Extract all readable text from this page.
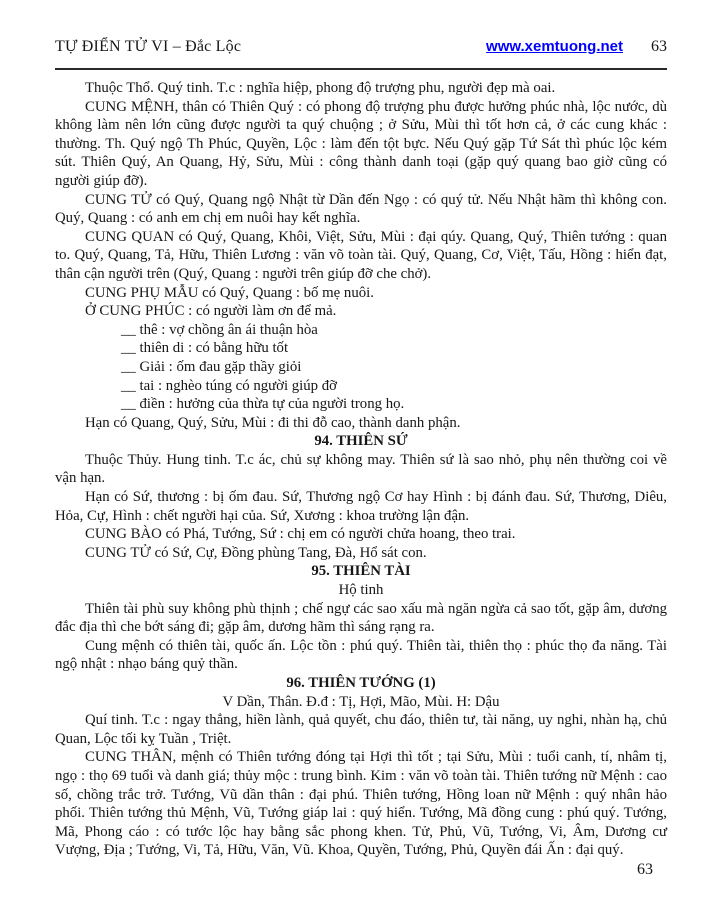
TỰ ĐIỂN TỬ VI – Đắc Lộc	www.xemtuong.net 63
Thuộc Thổ. Quý tinh. T.c : nghĩa hiệp, phong độ trượng phu, người đẹp mà oai.
CUNG MỆNH, thân có Thiên Quý : có phong độ trượng phu được hưởng phúc nhà, lộc nước, dù không làm nên lớn cũng được người ta quý chuộng ; ở Sửu, Mùi thì tốt hơn cả, ở các cung khác : thường. Th. Quý ngộ Th Phúc, Quyền, Lộc : làm đến tột bực. Nếu Quý gặp Tứ Sát thì phúc lộc kém sút. Thiên Quý, An Quang, Hỷ, Sửu, Mùi : công thành danh toại (gặp quý quang bao giờ cũng có người giúp đỡ).
CUNG TỬ có Quý, Quang ngộ Nhật từ Dần đến Ngọ : có quý tử. Nếu Nhật hãm thì không con. Quý, Quang : có anh em chị em nuôi hay kết nghĩa.
CUNG QUAN có Quý, Quang, Khôi, Việt, Sửu, Mùi : đại qúy. Quang, Quý, Thiên tướng : quan to. Quý, Quang, Tả, Hữu, Thiên Lương : văn võ toàn tài. Quý, Quang, Cơ, Việt, Tấu, Hồng : hiển đạt, thân cận người trên (Quý, Quang : người trên giúp đỡ che chở).
CUNG PHỤ MẪU có Quý, Quang : bố mẹ nuôi.
Ở CUNG PHÚC : có người làm ơn để mả.
__ thê : vợ chồng ân ái thuận hòa
__ thiên di : có bằng hữu tốt
__ Giải : ốm đau gặp thầy giỏi
__ tai : nghèo túng có người giúp đỡ
__ điền : hưởng của thừa tự của người trong họ.
Hạn có Quang, Quý, Sửu, Mùi : đi thi đỗ cao, thành danh phận.
94. THIÊN SỨ
Thuộc Thủy. Hung tinh. T.c ác, chủ sự không may. Thiên sứ là sao nhỏ, phụ nên thường coi về vận hạn.
Hạn có Sứ, thương : bị ốm đau. Sứ, Thương ngộ Cơ hay Hình : bị đánh đau. Sứ, Thương, Diêu, Hỏa, Cự, Hình : chết người hại của. Sứ, Xương : khoa trường lận đận.
CUNG BÀO có Phá, Tướng, Sứ : chị em có người chửa hoang, theo trai.
CUNG TỬ có Sứ, Cự, Đồng phùng Tang, Đà, Hổ sát con.
95. THIÊN TÀI
Hộ tinh
Thiên tài phù suy không phù thịnh ; chế ngự các sao xấu mà ngăn ngừa cả sao tốt, gặp âm, dương đắc địa thì che bớt sáng đi; gặp âm, dương hãm thì sáng rạng ra.
Cung mệnh có thiên tài, quốc ấn. Lộc tồn : phú quý. Thiên tài, thiên thọ : phúc thọ đa năng. Tài ngộ nhật : nhạo báng quỷ thần.
96. THIÊN TƯỚNG (1)
V Dần, Thân. Đ.đ : Tị, Hợi, Mão, Mùi. H: Dậu
Quí tinh. T.c : ngay thẳng, hiền lành, quả quyết, chu đáo, thiên tư, tài năng, uy nghi, nhàn hạ, chủ Quan, Lộc tối kỵ Tuần , Triệt.
CUNG THÂN, mệnh có Thiên tướng đóng tại Hợi thì tốt ; tại Sửu, Mùi : tuổi canh, tí, nhâm tị, ngọ : thọ 69 tuổi và danh giá; thủy mộc : trung bình. Kim : văn võ toàn tài. Thiên tướng nữ Mệnh : cao số, chồng trắc trở. Tướng, Vũ dần thân : đại phú. Thiên tướng, Hồng loan nữ Mệnh : quý nhân hảo phối. Thiên tướng thủ Mệnh, Vũ, Tướng giáp lai : quý hiển. Tướng, Mã đồng cung : phú quý. Tướng, Mã, Phong cáo : có tước lộc hay bằng sắc phong khen. Tử, Phủ, Vũ, Tướng, Vi, Âm, Dương cư Vượng, Địa ; Tướng, Vi, Tả, Hữu, Văn, Vũ. Khoa, Quyền, Tướng, Phủ, Quyền đái Ấn : đại quý.
63
